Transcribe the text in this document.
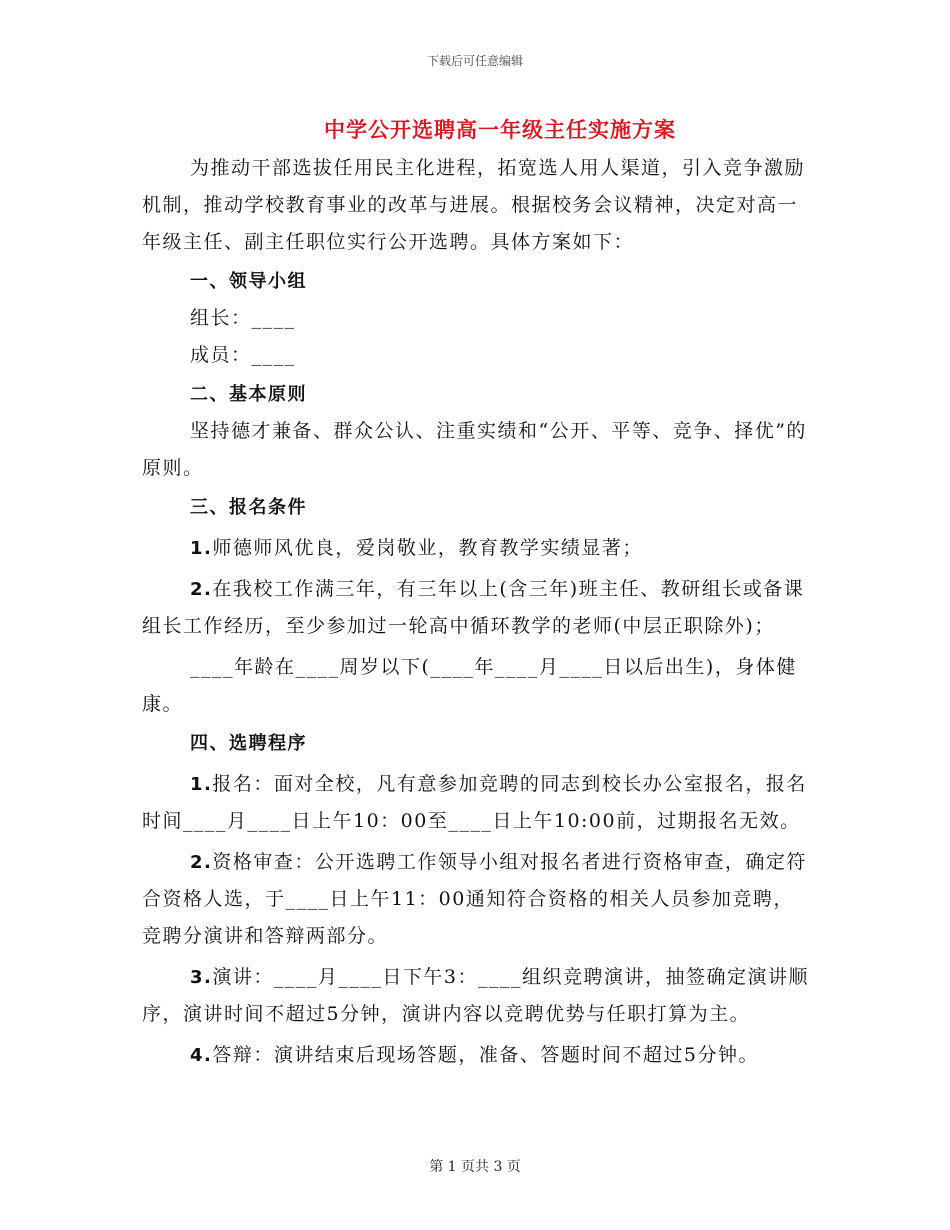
下载后可任意编辑
中学公开选聘高一年级主任实施方案

为推动干部选拔任用民主化进程，拓宽选人用人渠道，引入竞争激励机制，推动学校教育事业的改革与进展。根据校务会议精神，决定对高一年级主任、副主任职位实行公开选聘。具体方案如下：

一、领导小组

组长：____

成员：____

二、基本原则

坚持德才兼备、群众公认、注重实绩和“公开、平等、竞争、择优”的原则。

三、报名条件

1.师德师风优良，爱岗敬业，教育教学实绩显著；

2.在我校工作满三年，有三年以上(含三年)班主任、教研组长或备课组长工作经历，至少参加过一轮高中循环教学的老师(中层正职除外)；

____年龄在____周岁以下(____年____月____日以后出生)，身体健康。

四、选聘程序

1.报名：面对全校，凡有意参加竞聘的同志到校长办公室报名，报名时间____月____日上午10：00至____日上午10:00前，过期报名无效。

2.资格审查：公开选聘工作领导小组对报名者进行资格审查，确定符合资格人选，于____日上午11：00通知符合资格的相关人员参加竞聘，竞聘分演讲和答辩两部分。

3.演讲：____月____日下午3：____组织竞聘演讲，抽签确定演讲顺序，演讲时间不超过5分钟，演讲内容以竞聘优势与任职打算为主。

4.答辩：演讲结束后现场答题，准备、答题时间不超过5分钟。

第 1 页共 3 页
